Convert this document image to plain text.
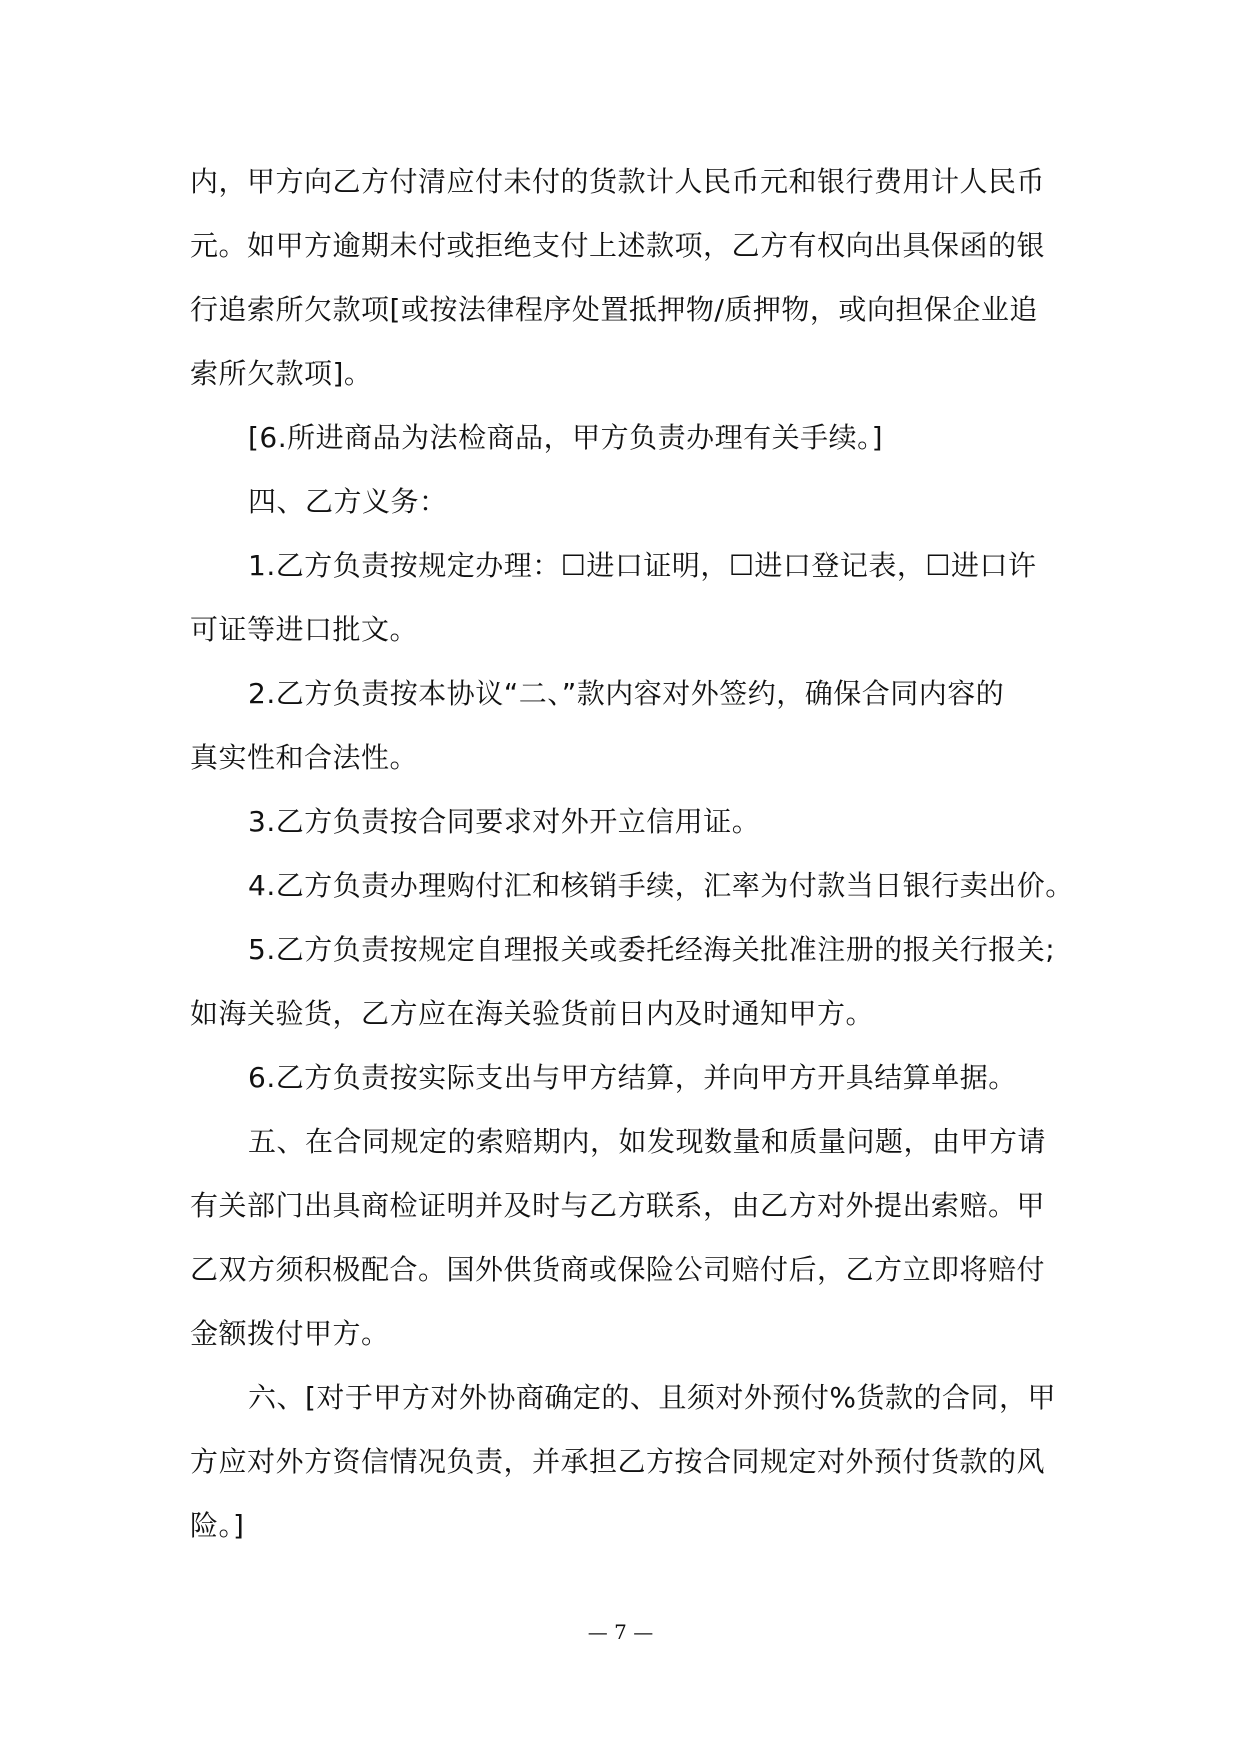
内，甲方向乙方付清应付未付的货款计人民币元和银行费用计人民币
元。如甲方逾期未付或拒绝支付上述款项，乙方有权向出具保函的银
行追索所欠款项[或按法律程序处置抵押物/质押物，或向担保企业追
索所欠款项]。
[6.所进商品为法检商品，甲方负责办理有关手续。]
四、乙方义务：
1.乙方负责按规定办理：☐进口证明，☐进口登记表，☐进口许
可证等进口批文。
2.乙方负责按本协议“二、”款内容对外签约，确保合同内容的
真实性和合法性。
3.乙方负责按合同要求对外开立信用证。
4.乙方负责办理购付汇和核销手续，汇率为付款当日银行卖出价。
5.乙方负责按规定自理报关或委托经海关批准注册的报关行报关;
如海关验货，乙方应在海关验货前日内及时通知甲方。
6.乙方负责按实际支出与甲方结算，并向甲方开具结算单据。
五、在合同规定的索赔期内，如发现数量和质量问题，由甲方请
有关部门出具商检证明并及时与乙方联系，由乙方对外提出索赔。甲
乙双方须积极配合。国外供货商或保险公司赔付后，乙方立即将赔付
金额拨付甲方。
六、[对于甲方对外协商确定的、且须对外预付%货款的合同，甲
方应对外方资信情况负责，并承担乙方按合同规定对外预付货款的风
险。]
— 7 —
